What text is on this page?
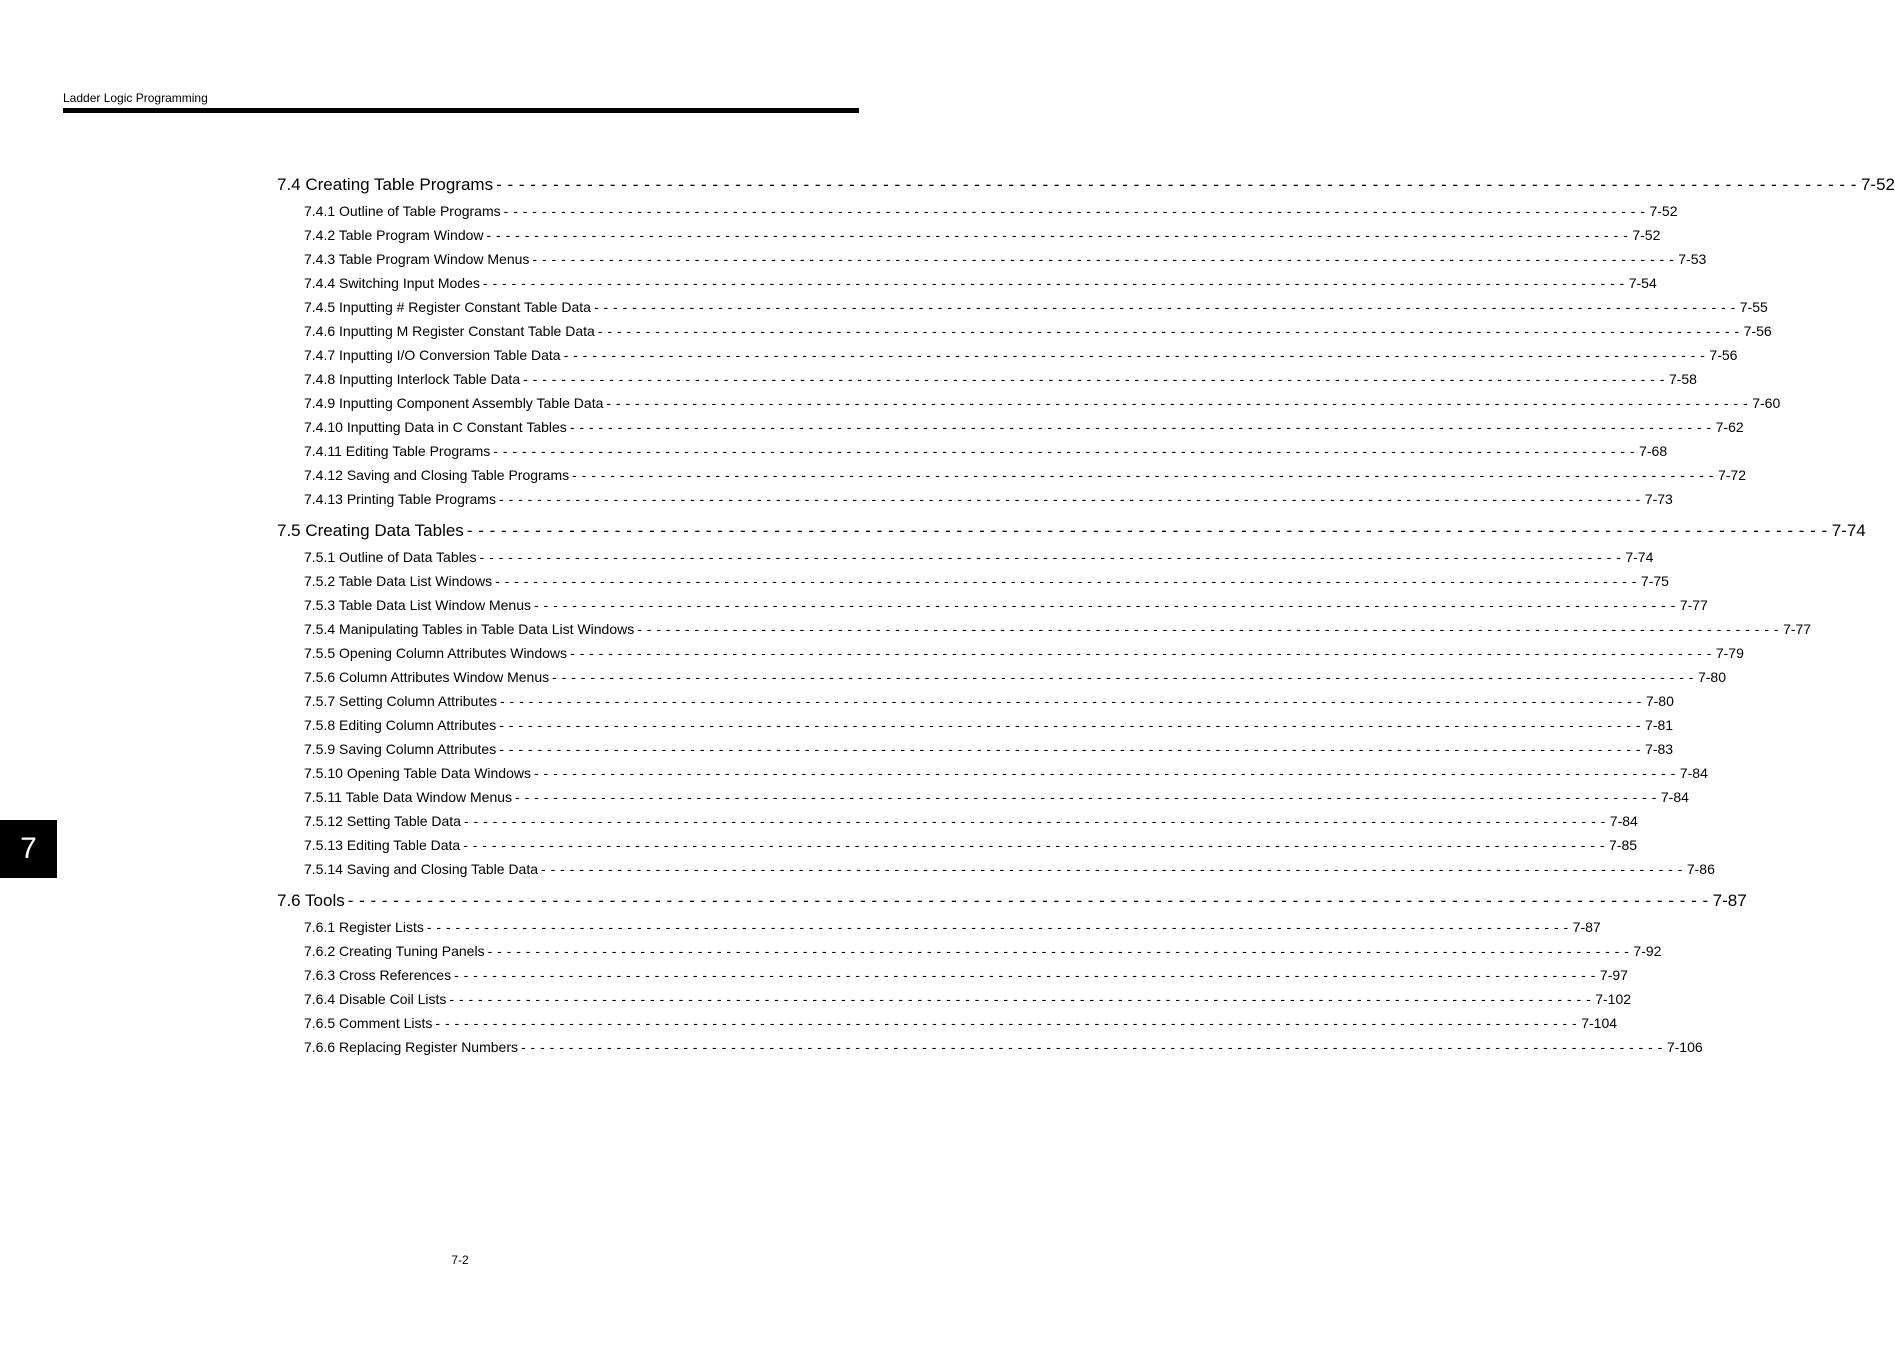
Ladder Logic Programming
7.4 Creating Table Programs - - - - - - - - - - - - - - - - - - - - - - - - - - - - - - - - - - - - - - - - - - - - - - - - - - - - - - - - - - - - - - - - - - - - - - - - - - - - - - - - - - - - - - - - - - - - - - - - - - - - - - - - - - - - - - - - - - - - - - - - 7-52
7.4.1 Outline of Table Programs - - - - - - - - - - - - - - - - - - - - - - - - - - - - - - - - - - - - - - - - - - - - - - - - - - - - - - - - - - - - - - - - - - - - - - - - - - - - - - - - - - - - - - - - - - - - - - - - - - - - - - - - - - - - - - - - - - - - - - - - 7-52
7.4.2 Table Program Window - - - - - - - - - - - - - - - - - - - - - - - - - - - - - - - - - - - - - - - - - - - - - - - - - - - - - - - - - - - - - - - - - - - - - - - - - - - - - - - - - - - - - - - - - - - - - - - - - - - - - - - - - - - - - - - - - - - - - - - - 7-52
7.4.3 Table Program Window Menus - - - - - - - - - - - - - - - - - - - - - - - - - - - - - - - - - - - - - - - - - - - - - - - - - - - - - - - - - - - - - - - - - - - - - - - - - - - - - - - - - - - - - - - - - - - - - - - - - - - - - - - - - - - - - - - - - - - - - - - - 7-53
7.4.4 Switching Input Modes - - - - - - - - - - - - - - - - - - - - - - - - - - - - - - - - - - - - - - - - - - - - - - - - - - - - - - - - - - - - - - - - - - - - - - - - - - - - - - - - - - - - - - - - - - - - - - - - - - - - - - - - - - - - - - - - - - - - - - - - 7-54
7.4.5 Inputting # Register Constant Table Data - - - - - - - - - - - - - - - - - - - - - - - - - - - - - - - - - - - - - - - - - - - - - - - - - - - - - - - - - - - - - - - - - - - - - - - - - - - - - - - - - - - - - - - - - - - - - - - - - - - - - - - - - - - - - - - - - - - - - - - - 7-55
7.4.6 Inputting M Register Constant Table Data - - - - - - - - - - - - - - - - - - - - - - - - - - - - - - - - - - - - - - - - - - - - - - - - - - - - - - - - - - - - - - - - - - - - - - - - - - - - - - - - - - - - - - - - - - - - - - - - - - - - - - - - - - - - - - - - - - - - - - - - 7-56
7.4.7 Inputting I/O Conversion Table Data - - - - - - - - - - - - - - - - - - - - - - - - - - - - - - - - - - - - - - - - - - - - - - - - - - - - - - - - - - - - - - - - - - - - - - - - - - - - - - - - - - - - - - - - - - - - - - - - - - - - - - - - - - - - - - - - - - - - - - - - 7-56
7.4.8 Inputting Interlock Table Data - - - - - - - - - - - - - - - - - - - - - - - - - - - - - - - - - - - - - - - - - - - - - - - - - - - - - - - - - - - - - - - - - - - - - - - - - - - - - - - - - - - - - - - - - - - - - - - - - - - - - - - - - - - - - - - - - - - - - - - - 7-58
7.4.9 Inputting Component Assembly Table Data - - - - - - - - - - - - - - - - - - - - - - - - - - - - - - - - - - - - - - - - - - - - - - - - - - - - - - - - - - - - - - - - - - - - - - - - - - - - - - - - - - - - - - - - - - - - - - - - - - - - - - - - - - - - - - - - - - - - - - - - 7-60
7.4.10 Inputting Data in C Constant Tables - - - - - - - - - - - - - - - - - - - - - - - - - - - - - - - - - - - - - - - - - - - - - - - - - - - - - - - - - - - - - - - - - - - - - - - - - - - - - - - - - - - - - - - - - - - - - - - - - - - - - - - - - - - - - - - - - - - - - - - - 7-62
7.4.11 Editing Table Programs - - - - - - - - - - - - - - - - - - - - - - - - - - - - - - - - - - - - - - - - - - - - - - - - - - - - - - - - - - - - - - - - - - - - - - - - - - - - - - - - - - - - - - - - - - - - - - - - - - - - - - - - - - - - - - - - - - - - - - - - 7-68
7.4.12 Saving and Closing Table Programs - - - - - - - - - - - - - - - - - - - - - - - - - - - - - - - - - - - - - - - - - - - - - - - - - - - - - - - - - - - - - - - - - - - - - - - - - - - - - - - - - - - - - - - - - - - - - - - - - - - - - - - - - - - - - - - - - - - - - - - - 7-72
7.4.13 Printing Table Programs - - - - - - - - - - - - - - - - - - - - - - - - - - - - - - - - - - - - - - - - - - - - - - - - - - - - - - - - - - - - - - - - - - - - - - - - - - - - - - - - - - - - - - - - - - - - - - - - - - - - - - - - - - - - - - - - - - - - - - - - 7-73
7.5 Creating Data Tables - - - - - - - - - - - - - - - - - - - - - - - - - - - - - - - - - - - - - - - - - - - - - - - - - - - - - - - - - - - - - - - - - - - - - - - - - - - - - - - - - - - - - - - - - - - - - - - - - - - - - - - - - - - - - - - - - - - - - - - - 7-74
7.5.1 Outline of Data Tables - - - - - - - - - - - - - - - - - - - - - - - - - - - - - - - - - - - - - - - - - - - - - - - - - - - - - - - - - - - - - - - - - - - - - - - - - - - - - - - - - - - - - - - - - - - - - - - - - - - - - - - - - - - - - - - - - - - - - - - - 7-74
7.5.2 Table Data List Windows - - - - - - - - - - - - - - - - - - - - - - - - - - - - - - - - - - - - - - - - - - - - - - - - - - - - - - - - - - - - - - - - - - - - - - - - - - - - - - - - - - - - - - - - - - - - - - - - - - - - - - - - - - - - - - - - - - - - - - - - 7-75
7.5.3 Table Data List Window Menus - - - - - - - - - - - - - - - - - - - - - - - - - - - - - - - - - - - - - - - - - - - - - - - - - - - - - - - - - - - - - - - - - - - - - - - - - - - - - - - - - - - - - - - - - - - - - - - - - - - - - - - - - - - - - - - - - - - - - - - - 7-77
7.5.4 Manipulating Tables in Table Data List Windows - - - - - - - - - - - - - - - - - - - - - - - - - - - - - - - - - - - - - - - - - - - - - - - - - - - - - - - - - - - - - - - - - - - - - - - - - - - - - - - - - - - - - - - - - - - - - - - - - - - - - - - - - - - - - - - - - - - - - - - - 7-77
7.5.5 Opening Column Attributes Windows - - - - - - - - - - - - - - - - - - - - - - - - - - - - - - - - - - - - - - - - - - - - - - - - - - - - - - - - - - - - - - - - - - - - - - - - - - - - - - - - - - - - - - - - - - - - - - - - - - - - - - - - - - - - - - - - - - - - - - - - 7-79
7.5.6 Column Attributes Window Menus - - - - - - - - - - - - - - - - - - - - - - - - - - - - - - - - - - - - - - - - - - - - - - - - - - - - - - - - - - - - - - - - - - - - - - - - - - - - - - - - - - - - - - - - - - - - - - - - - - - - - - - - - - - - - - - - - - - - - - - - 7-80
7.5.7 Setting Column Attributes - - - - - - - - - - - - - - - - - - - - - - - - - - - - - - - - - - - - - - - - - - - - - - - - - - - - - - - - - - - - - - - - - - - - - - - - - - - - - - - - - - - - - - - - - - - - - - - - - - - - - - - - - - - - - - - - - - - - - - - - 7-80
7.5.8 Editing Column Attributes - - - - - - - - - - - - - - - - - - - - - - - - - - - - - - - - - - - - - - - - - - - - - - - - - - - - - - - - - - - - - - - - - - - - - - - - - - - - - - - - - - - - - - - - - - - - - - - - - - - - - - - - - - - - - - - - - - - - - - - - 7-81
7.5.9 Saving Column Attributes - - - - - - - - - - - - - - - - - - - - - - - - - - - - - - - - - - - - - - - - - - - - - - - - - - - - - - - - - - - - - - - - - - - - - - - - - - - - - - - - - - - - - - - - - - - - - - - - - - - - - - - - - - - - - - - - - - - - - - - - 7-83
7.5.10 Opening Table Data Windows - - - - - - - - - - - - - - - - - - - - - - - - - - - - - - - - - - - - - - - - - - - - - - - - - - - - - - - - - - - - - - - - - - - - - - - - - - - - - - - - - - - - - - - - - - - - - - - - - - - - - - - - - - - - - - - - - - - - - - - - 7-84
7.5.11 Table Data Window Menus - - - - - - - - - - - - - - - - - - - - - - - - - - - - - - - - - - - - - - - - - - - - - - - - - - - - - - - - - - - - - - - - - - - - - - - - - - - - - - - - - - - - - - - - - - - - - - - - - - - - - - - - - - - - - - - - - - - - - - - - 7-84
7.5.12 Setting Table Data - - - - - - - - - - - - - - - - - - - - - - - - - - - - - - - - - - - - - - - - - - - - - - - - - - - - - - - - - - - - - - - - - - - - - - - - - - - - - - - - - - - - - - - - - - - - - - - - - - - - - - - - - - - - - - - - - - - - - - - - 7-84
7.5.13 Editing Table Data - - - - - - - - - - - - - - - - - - - - - - - - - - - - - - - - - - - - - - - - - - - - - - - - - - - - - - - - - - - - - - - - - - - - - - - - - - - - - - - - - - - - - - - - - - - - - - - - - - - - - - - - - - - - - - - - - - - - - - - - 7-85
7.5.14 Saving and Closing Table Data - - - - - - - - - - - - - - - - - - - - - - - - - - - - - - - - - - - - - - - - - - - - - - - - - - - - - - - - - - - - - - - - - - - - - - - - - - - - - - - - - - - - - - - - - - - - - - - - - - - - - - - - - - - - - - - - - - - - - - - - 7-86
7.6 Tools - - - - - - - - - - - - - - - - - - - - - - - - - - - - - - - - - - - - - - - - - - - - - - - - - - - - - - - - - - - - - - - - - - - - - - - - - - - - - - - - - - - - - - - - - - - - - - - - - - - - - - - - - - - - - - - - - - - - - - - - 7-87
7.6.1 Register Lists - - - - - - - - - - - - - - - - - - - - - - - - - - - - - - - - - - - - - - - - - - - - - - - - - - - - - - - - - - - - - - - - - - - - - - - - - - - - - - - - - - - - - - - - - - - - - - - - - - - - - - - - - - - - - - - - - - - - - - - - 7-87
7.6.2 Creating Tuning Panels - - - - - - - - - - - - - - - - - - - - - - - - - - - - - - - - - - - - - - - - - - - - - - - - - - - - - - - - - - - - - - - - - - - - - - - - - - - - - - - - - - - - - - - - - - - - - - - - - - - - - - - - - - - - - - - - - - - - - - - - 7-92
7.6.3 Cross References - - - - - - - - - - - - - - - - - - - - - - - - - - - - - - - - - - - - - - - - - - - - - - - - - - - - - - - - - - - - - - - - - - - - - - - - - - - - - - - - - - - - - - - - - - - - - - - - - - - - - - - - - - - - - - - - - - - - - - - - 7-97
7.6.4 Disable Coil Lists - - - - - - - - - - - - - - - - - - - - - - - - - - - - - - - - - - - - - - - - - - - - - - - - - - - - - - - - - - - - - - - - - - - - - - - - - - - - - - - - - - - - - - - - - - - - - - - - - - - - - - - - - - - - - - - - - - - - - - - - 7-102
7.6.5 Comment Lists - - - - - - - - - - - - - - - - - - - - - - - - - - - - - - - - - - - - - - - - - - - - - - - - - - - - - - - - - - - - - - - - - - - - - - - - - - - - - - - - - - - - - - - - - - - - - - - - - - - - - - - - - - - - - - - - - - - - - - - - 7-104
7.6.6 Replacing Register Numbers - - - - - - - - - - - - - - - - - - - - - - - - - - - - - - - - - - - - - - - - - - - - - - - - - - - - - - - - - - - - - - - - - - - - - - - - - - - - - - - - - - - - - - - - - - - - - - - - - - - - - - - - - - - - - - - - - - - - - - - - 7-106
7
7-2
